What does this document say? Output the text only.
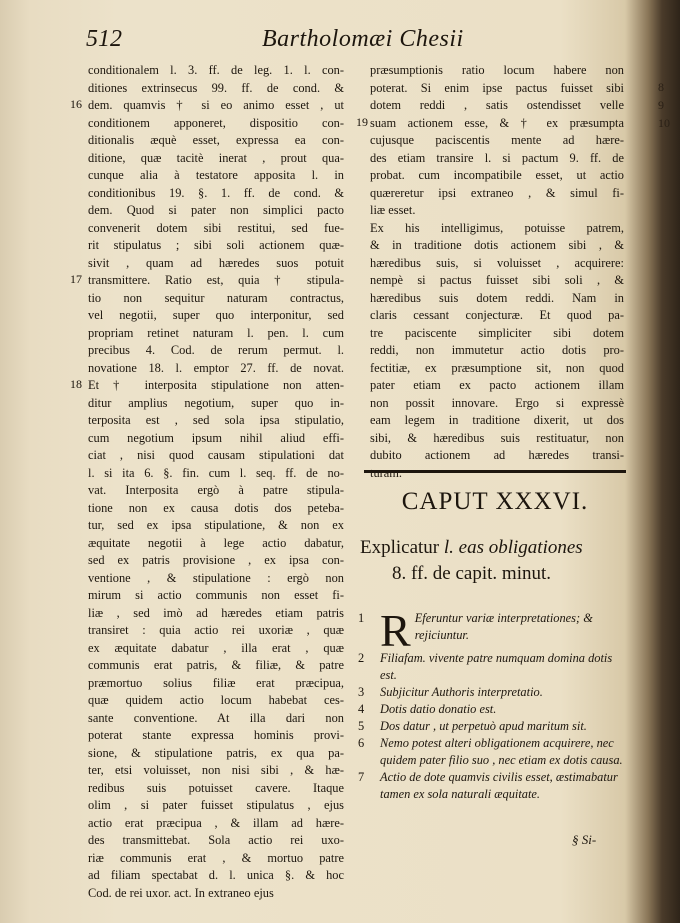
512	Bartholomæi Chesii
conditionalem l. 3. ff. de leg. 1. l. con-
ditiones extrinsecus 99. ff. de cond. &
dem. quamvis † si eo animo esset , ut
conditionem apponeret, dispositio con-
ditionalis æquè esset, expressa ea con-
ditione, quæ tacitè inerat , prout qua-
cunque alia à testatore apposita l. in
conditionibus 19. §. 1. ff. de cond. &
dem. Quod si pater non simplici pacto
convenerit dotem sibi restitui, sed fue-
rit stipulatus ; sibi soli actionem quæ-
sivit , quam ad hæredes suos potuit
transmittere. Ratio est, quia † stipula-
tio non sequitur naturam contractus,
vel negotii, super quo interponitur, sed
propriam retinet naturam l. pen. l. cum
precibus 4. Cod. de rerum permut. l.
novatione 18. l. emptor 27. ff. de novat.
Et † interposita stipulatione non atten-
ditur amplius negotium, super quo in-
terposita est , sed sola ipsa stipulatio,
cum negotium ipsum nihil aliud effi-
ciat , nisi quod causam stipulationi dat
l. si ita 6. §. fin. cum l. seq. ff. de no-
vat. Interposita ergò à patre stipula-
tione non ex causa dotis dos peteba-
tur, sed ex ipsa stipulatione, & non ex
æquitate negotii à lege actio dabatur,
sed ex patris provisione , ex ipsa con-
ventione , & stipulatione : ergò non
mirum si actio communis non esset fi-
liæ , sed imò ad hæredes etiam patris
transiret : quia actio rei uxoriæ , quæ
ex æquitate dabatur , illa erat , quæ
communis erat patris, & filiæ, & patre
præmortuo solius filiæ erat præcipua,
quæ quidem actio locum habebat ces-
sante conventione. At illa dari non
poterat stante expressa hominis provi-
sione, & stipulatione patris, ex qua pa-
ter, etsi voluisset, non nisi sibi , & hæ-
redibus suis potuisset cavere. Itaque
olim , si pater fuisset stipulatus , ejus
actio erat præcipua , & illam ad hære-
des transmittebat. Sola actio rei uxo-
riæ communis erat , & mortuo patre
ad filiam spectabat d. l. unica §. & hoc
Cod. de rei uxor. act. In extraneo ejus
16
17
18
præsumptionis ratio locum habere non
poterat. Si enim ipse pactus fuisset sibi
dotem reddi , satis ostendisset velle
suam actionem esse, & † ex præsumpta
cujusque paciscentis mente ad hære-
des etiam transire l. si pactum 9. ff. de
probat. cum incompatibile esset, ut actio
quæreretur ipsi extraneo , & simul fi-
liæ esset.
Ex his intelligimus, potuisse patrem,
& in traditione dotis actionem sibi , &
hæredibus suis, si voluisset , acquirere:
nempè si pactus fuisset sibi soli , &
hæredibus suis dotem reddi. Nam in
claris cessant conjecturæ. Et quod pa-
tre paciscente simpliciter sibi dotem
reddi, non immutetur actio dotis pro-
fectitiæ, ex præsumptione sit, non quod
pater etiam ex pacto actionem illam
non possit innovare. Ergo si expressè
eam legem in traditione dixerit, ut dos
sibi, & hæredibus suis restituatur, non
dubito actionem ad hæredes transi-
19
CAPUT XXXVI.
Explicatur l. eas obligationes
8. ff. de capit. minut.
1 R Eferuntur variæ interpretationes; & rejiciuntur.
2 Filiafam. vivente patre numquam domina dotis est.
3 Subjicitur Authoris interpretatio.
4 Dotis datio donatio est.
5 Dos datur , ut perpetuò apud maritum sit.
6 Nemo potest alteri obligationem acquirere, nec quidem pater filio suo , nec etiam ex dotis causa.
7 Actio de dote quamvis civilis esset, æstimabatur tamen ex sola naturali æquitate.
§ Si-
8
9
10
